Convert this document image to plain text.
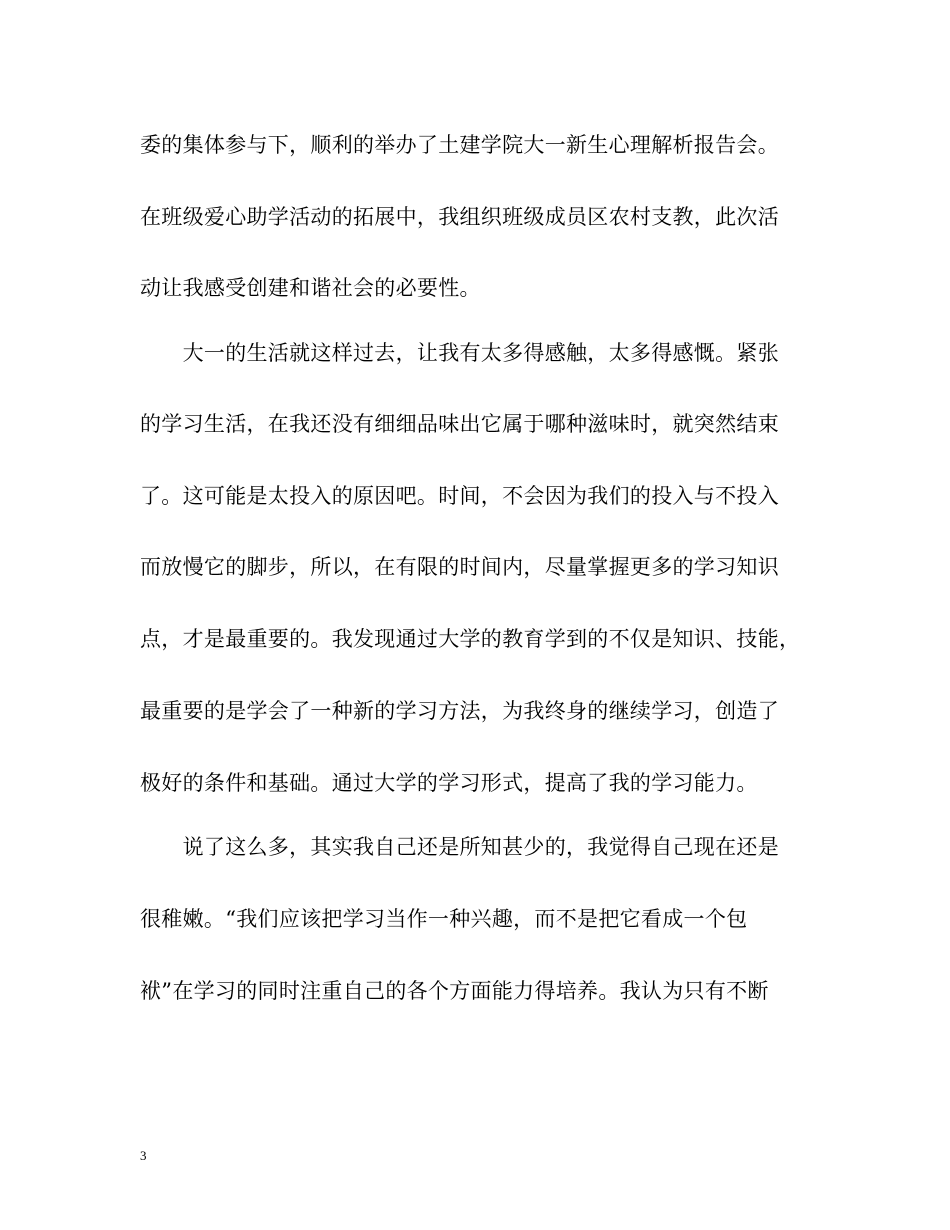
委的集体参与下，顺利的举办了土建学院大一新生心理解析报告会。
在班级爱心助学活动的拓展中，我组织班级成员区农村支教，此次活
动让我感受创建和谐社会的必要性。
　　大一的生活就这样过去，让我有太多得感触，太多得感慨。紧张
的学习生活，在我还没有细细品味出它属于哪种滋味时，就突然结束
了。这可能是太投入的原因吧。时间，不会因为我们的投入与不投入
而放慢它的脚步，所以，在有限的时间内，尽量掌握更多的学习知识
点，才是最重要的。我发现通过大学的教育学到的不仅是知识、技能，
最重要的是学会了一种新的学习方法，为我终身的继续学习，创造了
极好的条件和基础。通过大学的学习形式，提高了我的学习能力。
　　说了这么多，其实我自己还是所知甚少的，我觉得自己现在还是
很稚嫩。“我们应该把学习当作一种兴趣，而不是把它看成一个包
袱”在学习的同时注重自己的各个方面能力得培养。我认为只有不断
3
